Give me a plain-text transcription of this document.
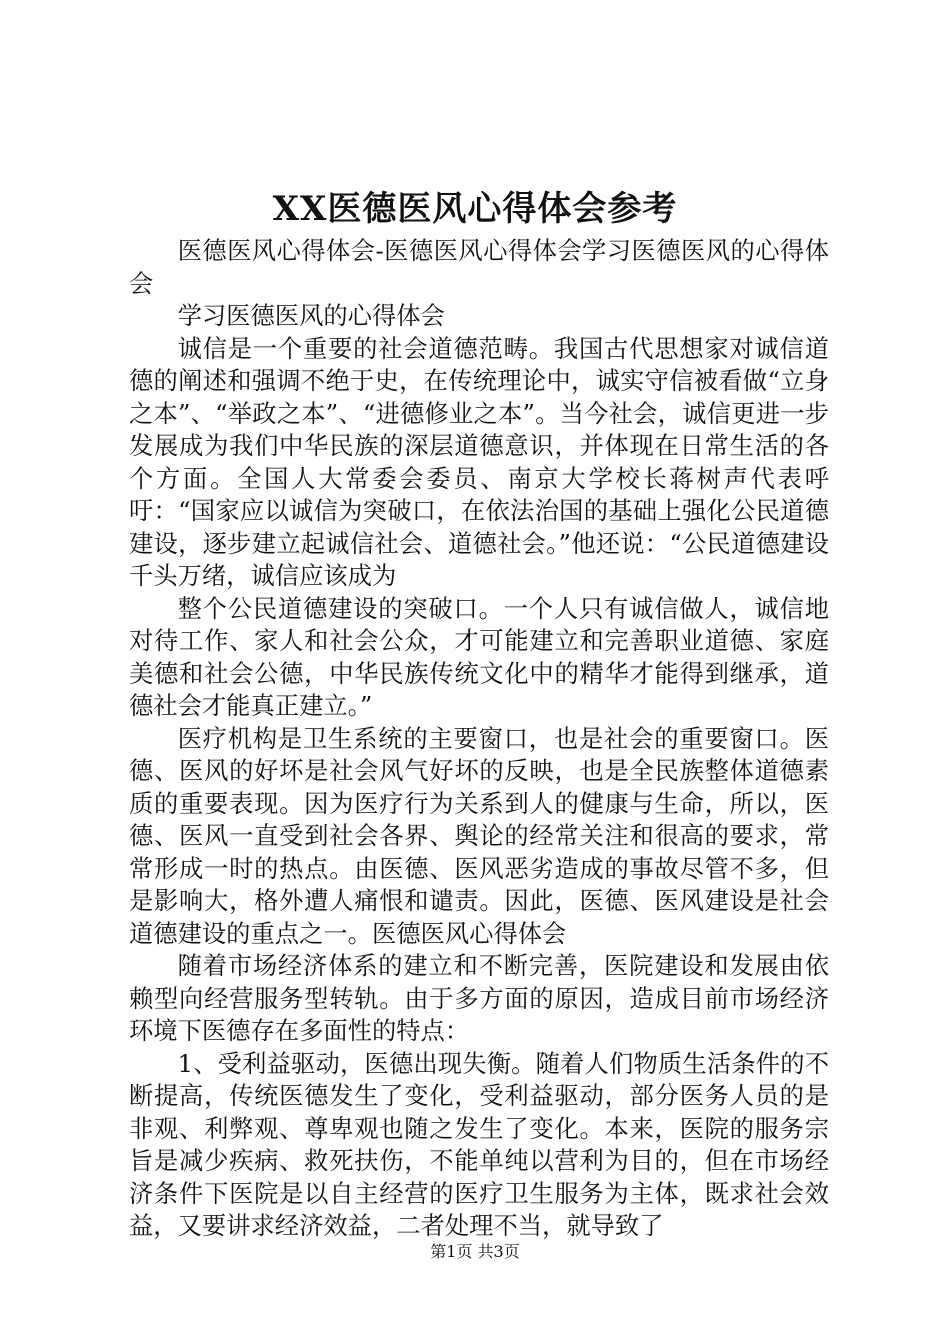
XX医德医风心得体会参考

医德医风心得体会-医德医风心得体会学习医德医风的心得体会

学习医德医风的心得体会

诚信是一个重要的社会道德范畴。我国古代思想家对诚信道德的阐述和强调不绝于史，在传统理论中，诚实守信被看做“立身之本”、“举政之本”、“进德修业之本”。当今社会，诚信更进一步发展成为我们中华民族的深层道德意识，并体现在日常生活的各个方面。全国人大常委会委员、南京大学校长蒋树声代表呼吁：“国家应以诚信为突破口，在依法治国的基础上强化公民道德建设，逐步建立起诚信社会、道德社会。”他还说：“公民道德建设千头万绪，诚信应该成为

整个公民道德建设的突破口。一个人只有诚信做人，诚信地对待工作、家人和社会公众，才可能建立和完善职业道德、家庭美德和社会公德，中华民族传统文化中的精华才能得到继承，道德社会才能真正建立。”

医疗机构是卫生系统的主要窗口，也是社会的重要窗口。医德、医风的好坏是社会风气好坏的反映，也是全民族整体道德素质的重要表现。因为医疗行为关系到人的健康与生命，所以，医德、医风一直受到社会各界、舆论的经常关注和很高的要求，常常形成一时的热点。由医德、医风恶劣造成的事故尽管不多，但是影响大，格外遭人痛恨和谴责。因此，医德、医风建设是社会道德建设的重点之一。医德医风心得体会

随着市场经济体系的建立和不断完善，医院建设和发展由依赖型向经营服务型转轨。由于多方面的原因，造成目前市场经济环境下医德存在多面性的特点：

1、受利益驱动，医德出现失衡。随着人们物质生活条件的不断提高，传统医德发生了变化，受利益驱动，部分医务人员的是非观、利弊观、尊卑观也随之发生了变化。本来，医院的服务宗旨是减少疾病、救死扶伤，不能单纯以营利为目的，但在市场经济条件下医院是以自主经营的医疗卫生服务为主体，既求社会效益，又要讲求经济效益，二者处理不当，就导致了

第1页 共3页
